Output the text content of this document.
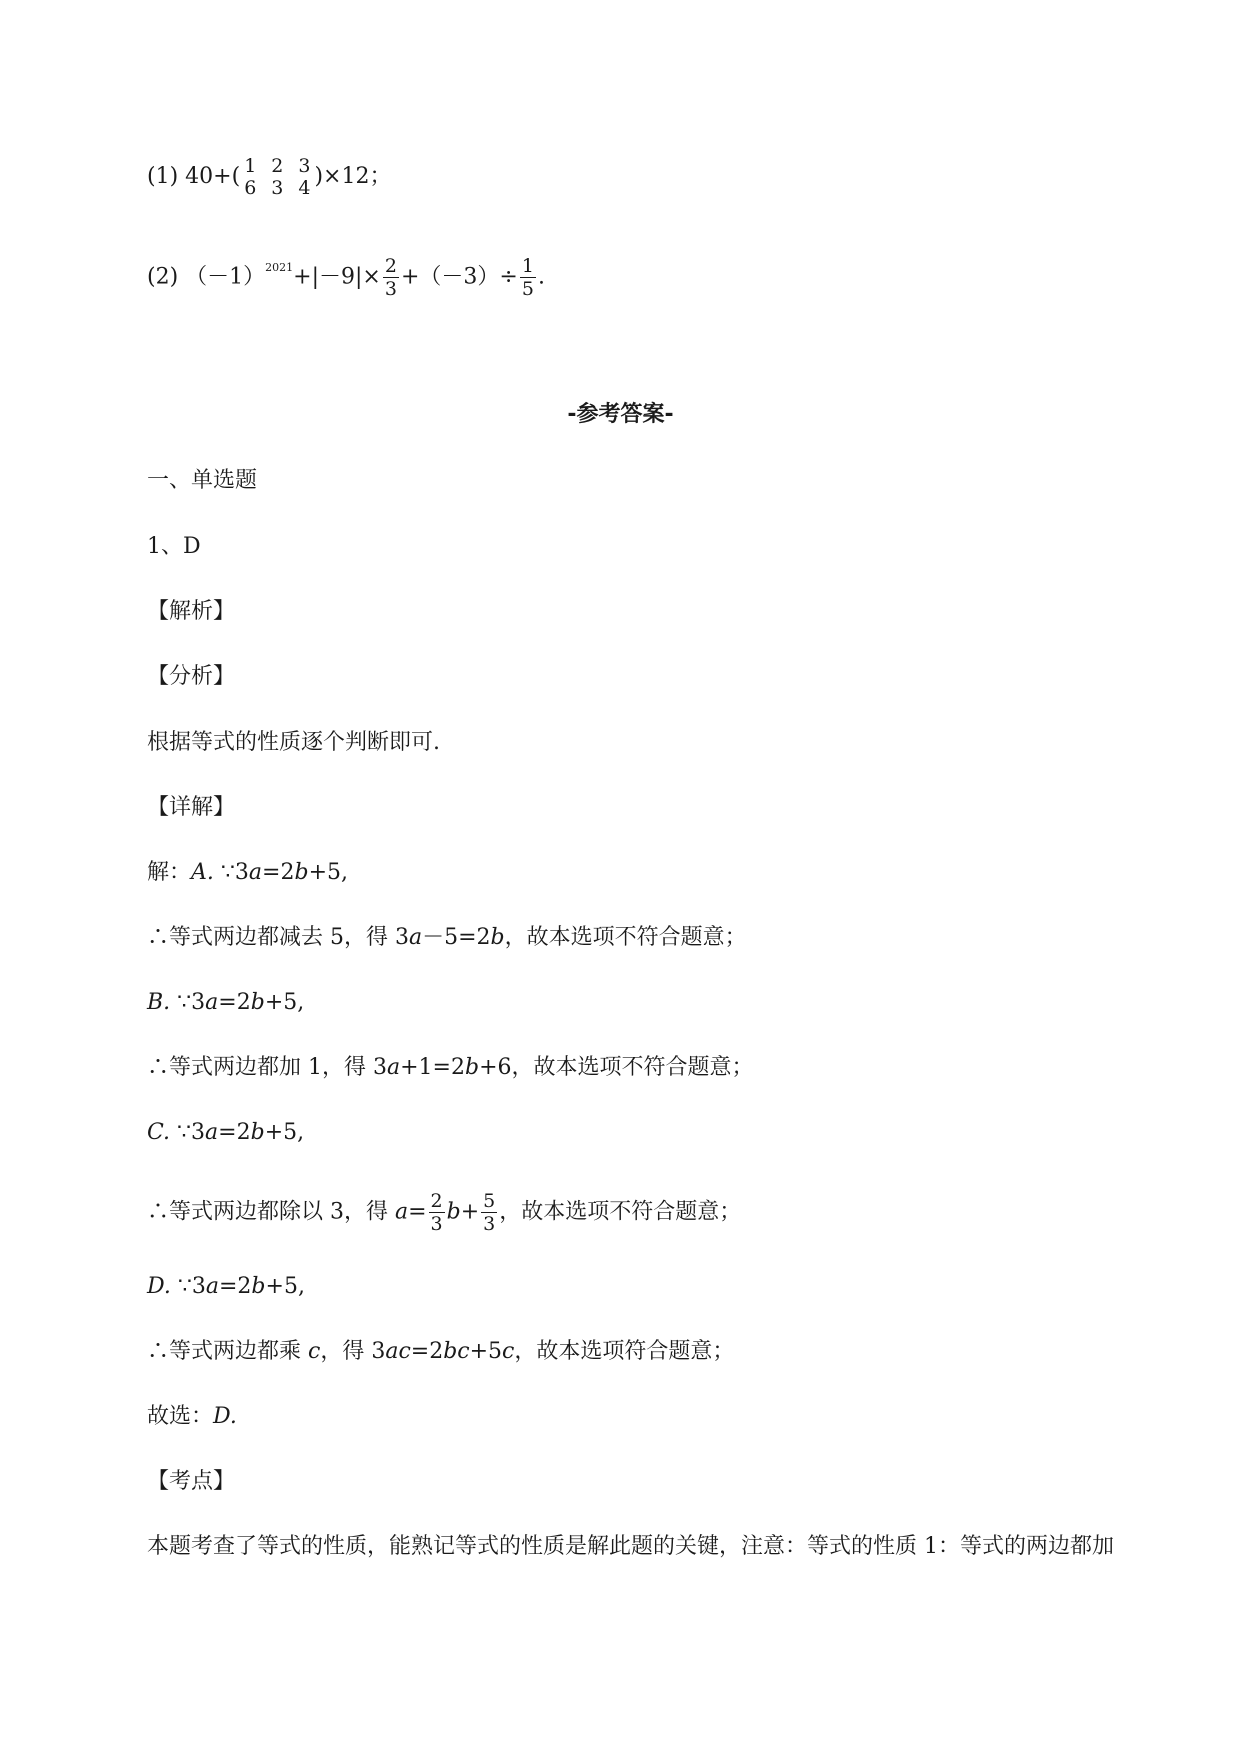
(1) 40+( 1
6

2
3

3
4 )×12；
(2) $(-1)^{2021}+|-9|\times \frac{2}{3} +(-3)\div \frac{1}{5}$ .
-参考答案-
一、单选题
1、D
【解析】
【分析】
根据等式的性质逐个判断即可.
【详解】
解：A. ∵3a=2b+5,
∴等式两边都减去 5，得 3a－5=2b，故本选项不符合题意；
B. ∵3a=2b+5,
∴等式两边都加 1，得 3a+1=2b+6，故本选项不符合题意；
C. ∵3a=2b+5,
∴等式两边都除以 3，得 $a= \frac{2}{3} b+ \frac{5}{3}$ ，故本选项不符合题意；
D. ∵3a=2b+5,
∴等式两边都乘 c，得 3ac=2bc+5c，故本选项符合题意；
故选：D.
【考点】
本题考查了等式的性质，能熟记等式的性质是解此题的关键，注意：等式的性质 1：等式的两边都加
